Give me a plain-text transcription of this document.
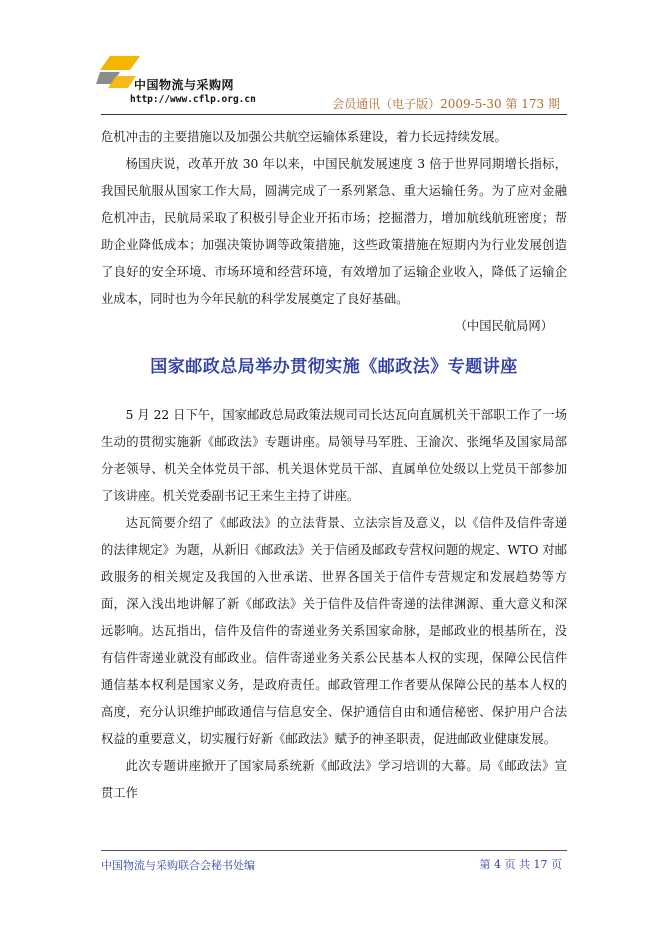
中国物流与采购网
http://www.cflp.org.cn	会员通讯（电子版）2009-5-30 第 173 期

危机冲击的主要措施以及加强公共航空运输体系建设，着力长远持续发展。

杨国庆说，改革开放 30 年以来，中国民航发展速度 3 倍于世界同期增长指标，我国民航服从国家工作大局，圆满完成了一系列紧急、重大运输任务。为了应对金融危机冲击，民航局采取了积极引导企业开拓市场；挖掘潜力，增加航线航班密度；帮助企业降低成本；加强决策协调等政策措施，这些政策措施在短期内为行业发展创造了良好的安全环境、市场环境和经营环境，有效增加了运输企业收入，降低了运输企业成本，同时也为今年民航的科学发展奠定了良好基础。

（中国民航局网）

国家邮政总局举办贯彻实施《邮政法》专题讲座

5 月 22 日下午，国家邮政总局政策法规司司长达瓦向直属机关干部职工作了一场生动的贯彻实施新《邮政法》专题讲座。局领导马军胜、王渝次、张绳华及国家局部分老领导、机关全体党员干部、机关退休党员干部、直属单位处级以上党员干部参加了该讲座。机关党委副书记王来生主持了讲座。

达瓦简要介绍了《邮政法》的立法背景、立法宗旨及意义，以《信件及信件寄递的法律规定》为题，从新旧《邮政法》关于信函及邮政专营权问题的规定、WTO 对邮政服务的相关规定及我国的入世承诺、世界各国关于信件专营规定和发展趋势等方面，深入浅出地讲解了新《邮政法》关于信件及信件寄递的法律渊源、重大意义和深远影响。达瓦指出，信件及信件的寄递业务关系国家命脉，是邮政业的根基所在，没有信件寄递业就没有邮政业。信件寄递业务关系公民基本人权的实现，保障公民信件通信基本权利是国家义务，是政府责任。邮政管理工作者要从保障公民的基本人权的高度，充分认识维护邮政通信与信息安全、保护通信自由和通信秘密、保护用户合法权益的重要意义，切实履行好新《邮政法》赋予的神圣职责，促进邮政业健康发展。

此次专题讲座掀开了国家局系统新《邮政法》学习培训的大幕。局《邮政法》宣贯工作

中国物流与采购联合会秘书处编	第 4 页 共 17 页
